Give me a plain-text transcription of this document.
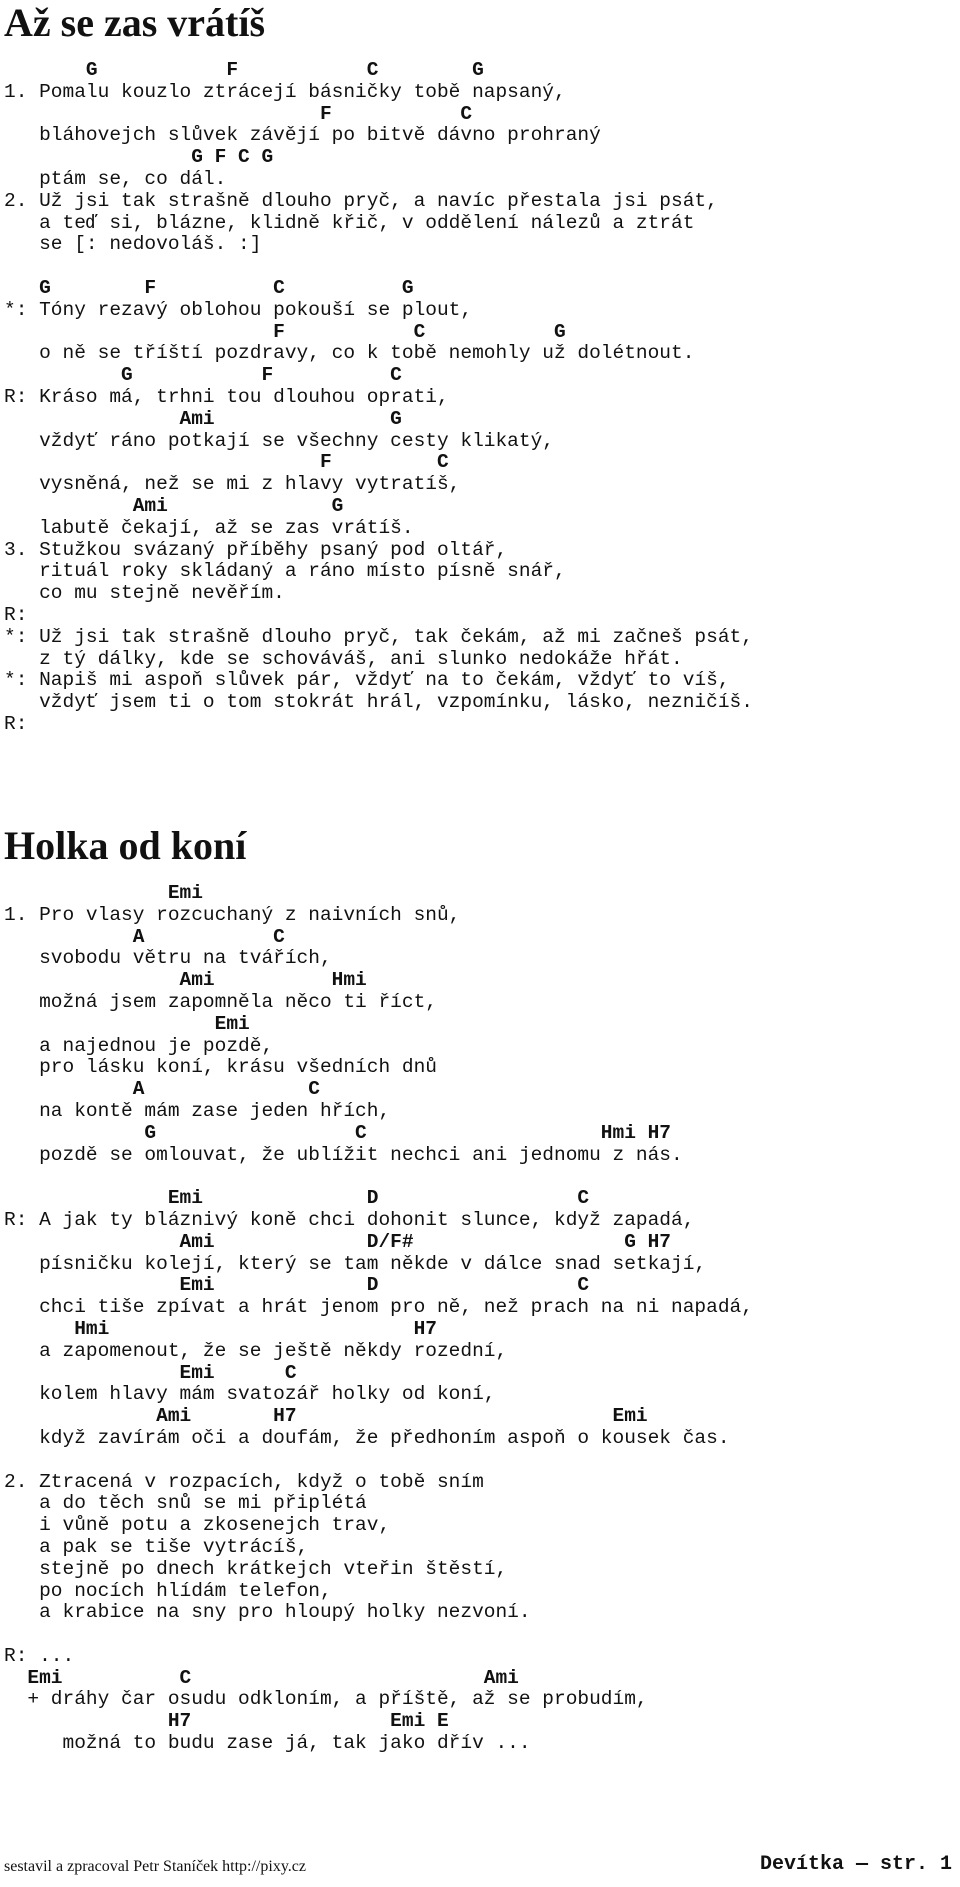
Až se zas vrátíš
G           F           C        G
1. Pomalu kouzlo ztrácejí básničky tobě napsaný,
F           C
bláhovejch slůvek závějí po bitvě dávno prohraný
G F C G
ptám se, co dál.
2. Už jsi tak strašně dlouho pryč, a navíc přestala jsi psát,
a teď si, blázne, klidně křič, v oddělení nálezů a ztrát
se [: nedovoláš. :]

G        F          C          G
*: Tóny rezavý oblohou pokouší se plout,
F           C           G
o ně se tříští pozdravy, co k tobě nemohly už dolétnout.
G           F          C
R: Kráso má, trhni tou dlouhou oprati,
Ami               G
vždyť ráno potkají se všechny cesty klikatý,
F         C
vysněná, než se mi z hlavy vytratíš,
Ami              G
labutě čekají, až se zas vrátíš.
3. Stužkou svázaný příběhy psaný pod oltář,
rituál roky skládaný a ráno místo písně snář,
co mu stejně nevěřím.
R:
*: Už jsi tak strašně dlouho pryč, tak čekám, až mi začneš psát,
z tý dálky, kde se schováváš, ani slunko nedokáže hřát.
*: Napiš mi aspoň slůvek pár, vždyť na to čekám, vždyť to víš,
vždyť jsem ti o tom stokrát hrál, vzpomínku, lásko, nezničíš.
R:
Holka od koní
Emi
1. Pro vlasy rozcuchaný z naivních snů,
A           C
svobodu větru na tvářích,
Ami          Hmi
možná jsem zapomněla něco ti říct,
Emi
a najednou je pozdě,
pro lásku koní, krásu všedních dnů
A              C
na kontě mám zase jeden hřích,
G                 C                    Hmi H7
pozdě se omlouvat, že ublížit nechci ani jednomu z nás.

Emi              D                 C
R: A jak ty bláznivý koně chci dohonit slunce, když zapadá,
Ami             D/F#                  G H7
písničku kolejí, který se tam někde v dálce snad setkají,
Emi             D                 C
chci tiše zpívat a hrát jenom pro ně, než prach na ni napadá,
Hmi                          H7
a zapomenout, že se ještě někdy rozední,
Emi      C
kolem hlavy mám svatozář holky od koní,
Ami       H7                           Emi
když zavírám oči a doufám, že předhoním aspoň o kousek čas.

2. Ztracená v rozpacích, když o tobě sním
a do těch snů se mi připlétá
i vůně potu a zkosenejch trav,
a pak se tiše vytrácíš,
stejně po dnech krátkejch vteřin štěstí,
po nocích hlídám telefon,
a krabice na sny pro hloupý holky nezvoní.

R: ...
Emi          C                         Ami
+ dráhy čar osudu odkloním, a příště, až se probudím,
H7                 Emi E
možná to budu zase já, tak jako dřív ...
sestavil a zpracoval Petr Staníček http://pixy.cz	Devítka — str. 1
